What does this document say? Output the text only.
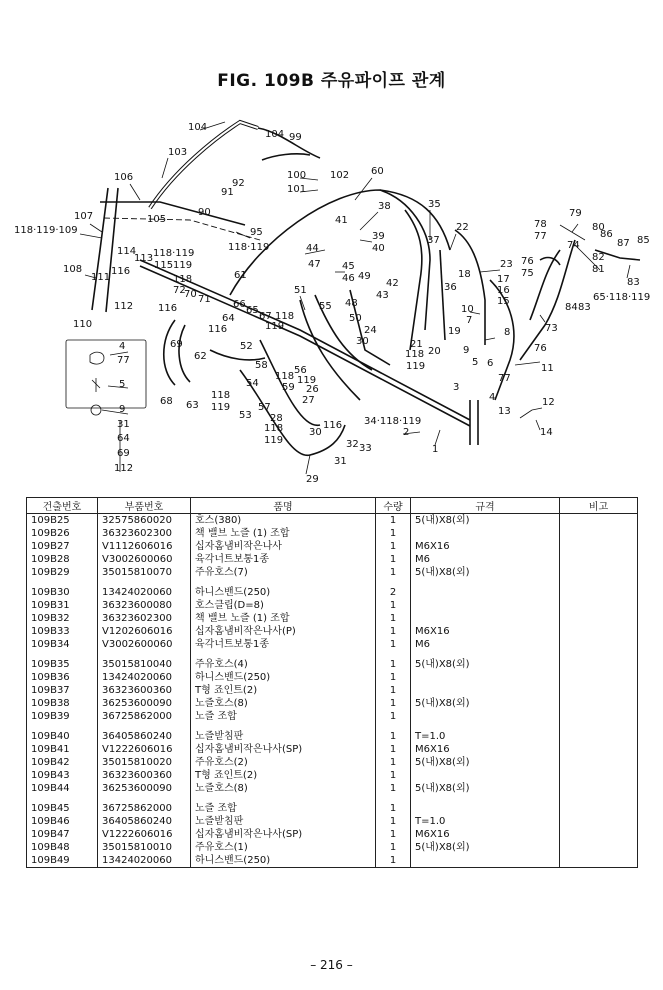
FIG. 109B 주유파이프 관계
104
104 99
103
100 102
101
60
106
92
91
105
90
38	35
107	41
95	39	37
22
118·119·109
118·119	40
44
114 118·119
113
115 119	47 45
46
23
108	116
111	118	61	49
42
18	17
72
70 71
51	36	16
43
112	15
116	66
65
67 118
55 48
10
64
119
50	7
110	116	24	19	8
69	52	30	21
62	118 20 9
119	5 6
58	56
118
54	119	77
3
59 26
4
118
57
27
68 63 119
53 28
116 34·118·119
13
12
118	30	2	14
119	32 33	1
31
29
79
78	80
77	86
87 85
74
82
76
75	81
83
65·118·119
84 83
73
76
11
4
77
5
9
31
64
69
112
건출번호	부품번호	품명	수량	규격	비고
109B25	32575860020	호스(380)	1	5(내)X8(외)	
109B26	36323602300	책 밸브 노즐 (1) 조합	1		
109B27	V1112606016	십자홈냄비작은나사	1	M6X16	
109B28	V3002600060	육각너트보통1종	1	M6	
109B29	35015810070	주유호스(7)	1	5(내)X8(외)	

109B30	13424020060	하니스밴드(250)	2		
109B31	36323600080	호스클립(D=8)	1		
109B32	36323602300	책 밸브 노즐 (1) 조합	1		
109B33	V1202606016	십자홈냄비작은나사(P)	1	M6X16	
109B34	V3002600060	육각너트보통1종	1	M6	

109B35	35015810040	주유호스(4)	1	5(내)X8(외)	
109B36	13424020060	하니스밴드(250)	1		
109B37	36323600360	T형 죠인트(2)	1		
109B38	36253600090	노즐호스(8)	1	5(내)X8(외)	
109B39	36725862000	노즐 조합	1		

109B40	36405860240	노즐받침판	1	T=1.0	
109B41	V1222606016	십자홈냄비작은나사(SP)	1	M6X16	
109B42	35015810020	주유호스(2)	1	5(내)X8(외)	
109B43	36323600360	T형 죠인트(2)	1		
109B44	36253600090	노즐호스(8)	1	5(내)X8(외)	

109B45	36725862000	노즐 조합	1		
109B46	36405860240	노즐받침판	1	T=1.0	
109B47	V1222606016	십자홈냄비작은나사(SP)	1	M6X16	
109B48	35015810010	주유호스(1)	1	5(내)X8(외)	
109B49	13424020060	하니스밴드(250)	1		
– 216 –
